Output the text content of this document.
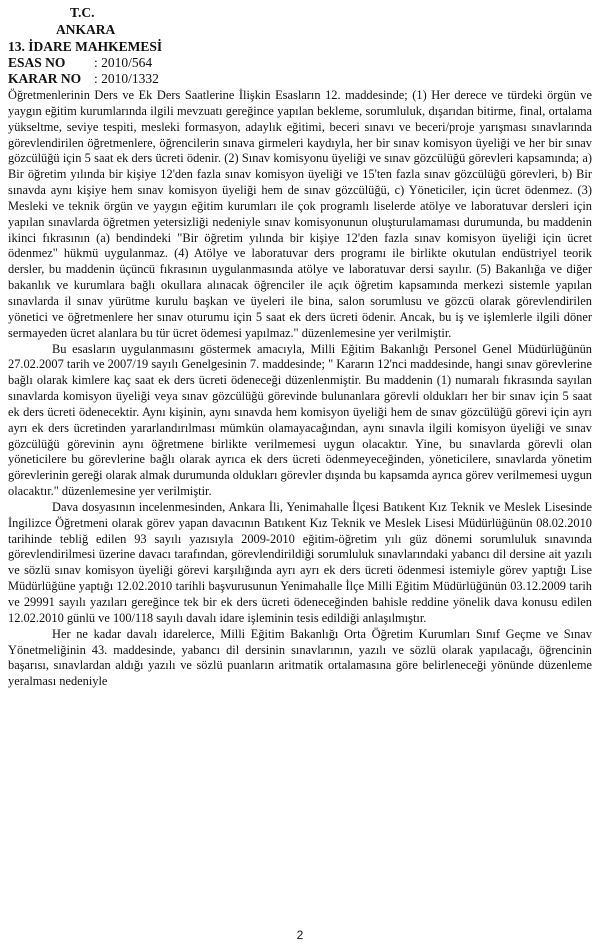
T.C.
ANKARA
13. İDARE MAHKEMESİ
ESAS NO : 2010/564
KARAR NO : 2010/1332

Öğretmenlerinin Ders ve Ek Ders Saatlerine İlişkin Esasların 12. maddesinde; (1) Her derece ve türdeki örgün ve yaygın eğitim kurumlarında ilgili mevzuatı gereğince yapılan bekleme, sorumluluk, dışarıdan bitirme, final, ortalama yükseltme, seviye tespiti, mesleki formasyon, adaylık eğitimi, beceri sınavı ve beceri/proje yarışması sınavlarında görevlendirilen öğretmenlere, öğrencilerin sınava girmeleri kaydıyla, her bir sınav komisyon üyeliği ve her bir sınav gözcülüğü için 5 saat ek ders ücreti ödenir. (2) Sınav komisyonu üyeliği ve sınav gözcülüğü görevleri kapsamında; a) Bir öğretim yılında bir kişiye 12'den fazla sınav komisyon üyeliği ve 15'ten fazla sınav gözcülüğü görevleri, b) Bir sınavda aynı kişiye hem sınav komisyon üyeliği hem de sınav gözcülüğü, c) Yöneticiler, için ücret ödenmez. (3) Mesleki ve teknik örgün ve yaygın eğitim kurumları ile çok programlı liselerde atölye ve laboratuvar dersleri için yapılan sınavlarda öğretmen yetersizliği nedeniyle sınav komisyonunun oluşturulamaması durumunda, bu maddenin ikinci fıkrasının (a) bendindeki "Bir öğretim yılında bir kişiye 12'den fazla sınav komisyon üyeliği için ücret ödenmez" hükmü uygulanmaz. (4) Atölye ve laboratuvar ders programı ile birlikte okutulan endüstriyel teorik dersler, bu maddenin üçüncü fıkrasının uygulanmasında atölye ve laboratuvar dersi sayılır. (5) Bakanlığa ve diğer bakanlık ve kurumlara bağlı okullara alınacak öğrenciler ile açık öğretim kapsamında merkezi sistemle yapılan sınavlarda il sınav yürütme kurulu başkan ve üyeleri ile bina, salon sorumlusu ve gözcü olarak görevlendirilen yönetici ve öğretmenlere her sınav oturumu için 5 saat ek ders ücreti ödenir. Ancak, bu iş ve işlemlerle ilgili döner sermayeden ücret alanlara bu tür ücret ödemesi yapılmaz." düzenlemesine yer verilmiştir.

Bu esasların uygulanmasını göstermek amacıyla, Milli Eğitim Bakanlığı Personel Genel Müdürlüğünün 27.02.2007 tarih ve 2007/19 sayılı Genelgesinin 7. maddesinde; " Kararın 12'nci maddesinde, hangi sınav görevlerine bağlı olarak kimlere kaç saat ek ders ücreti ödeneceği düzenlenmiştir. Bu maddenin (1) numaralı fıkrasında sayılan sınavlarda komisyon üyeliği veya sınav gözcülüğü görevinde bulunanlara görevli oldukları her bir sınav için 5 saat ek ders ücreti ödenecektir. Aynı kişinin, aynı sınavda hem komisyon üyeliği hem de sınav gözcülüğü görevi için ayrı ayrı ek ders ücretinden yararlandırılması mümkün olamayacağından, aynı sınavla ilgili komisyon üyeliği ve sınav gözcülüğü görevinin aynı öğretmene birlikte verilmemesi uygun olacaktır. Yine, bu sınavlarda görevli olan yöneticilere bu görevlerine bağlı olarak ayrıca ek ders ücreti ödenmeyeceğinden, yöneticilere, sınavlarda yönetim görevlerinin gereği olarak almak durumunda oldukları görevler dışında bu kapsamda ayrıca görev verilmemesi uygun olacaktır." düzenlemesine yer verilmiştir.

Dava dosyasının incelenmesinden, Ankara İli, Yenimahalle İlçesi Batıkent Kız Teknik ve Meslek Lisesinde İngilizce Öğretmeni olarak görev yapan davacının Batıkent Kız Teknik ve Meslek Lisesi Müdürlüğünün 08.02.2010 tarihinde tebliğ edilen 93 sayılı yazısıyla 2009-2010 eğitim-öğretim yılı güz dönemi sorumluluk sınavında görevlendirilmesi üzerine davacı tarafından, görevlendirildiği sorumluluk sınavlarındaki yabancı dil dersine ait yazılı ve sözlü sınav komisyon üyeliği görevi karşılığında ayrı ayrı ek ders ücreti ödenmesi istemiyle görev yaptığı Lise Müdürlüğüne yaptığı 12.02.2010 tarihli başvurusunun Yenimahalle İlçe Milli Eğitim Müdürlüğünün 03.12.2009 tarih ve 29991 sayılı yazıları gereğince tek bir ek ders ücreti ödeneceğinden bahisle reddine yönelik dava konusu edilen 12.02.2010 günlü ve 100/118 sayılı davalı idare işleminin tesis edildiği anlaşılmıştır.

Her ne kadar davalı idarelerce, Milli Eğitim Bakanlığı Orta Öğretim Kurumları Sınıf Geçme ve Sınav Yönetmeliğinin 43. maddesinde, yabancı dil dersinin sınavlarının, yazılı ve sözlü olarak yapılacağı, öğrencinin başarısı, sınavlardan aldığı yazılı ve sözlü puanların aritmatik ortalamasına göre belirleneceği yönünde düzenleme yeralması nedeniyle

2
